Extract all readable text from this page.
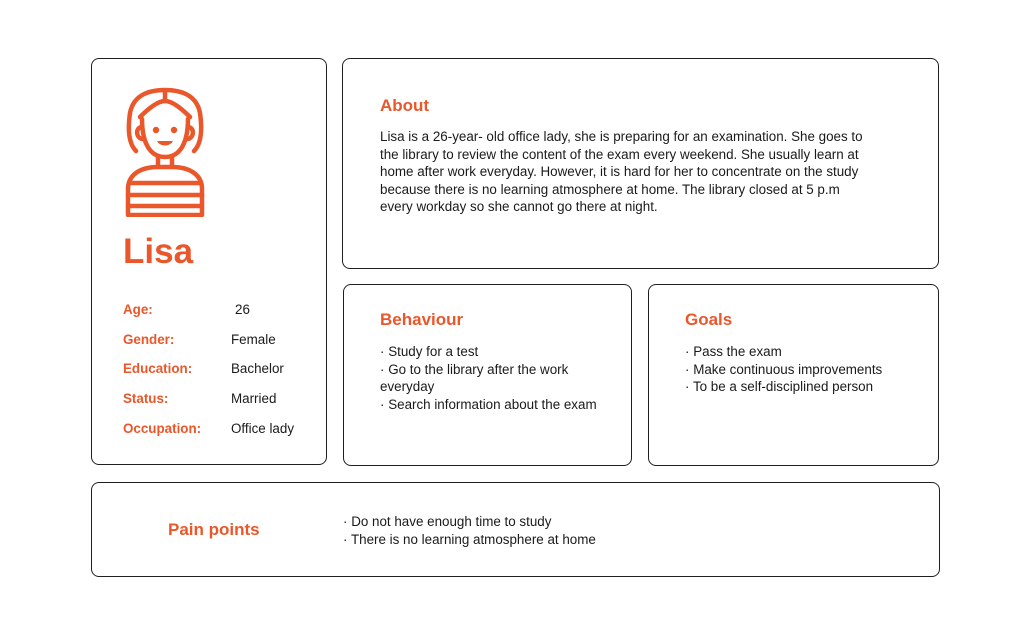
Lisa
Age:	26
Gender:	Female
Education:	Bachelor
Status:	Married
Occupation: Office lady
About
Lisa is a 26-year- old office lady, she is preparing for an examination. She goes to
the library to review the content of the exam every weekend. She usually learn at
home after work everyday. However, it is hard for her to concentrate on the study
because there is no learning atmosphere at home. The library closed at 5 p.m
every workday so she cannot go there at night.
Behaviour
· Study for a test
· Go to the library after the work everyday
· Search information about the exam
Goals
· Pass the exam
· Make continuous improvements
· To be a self-disciplined person
Pain points
·	Do not have enough time to study
· There is no learning atmosphere at home
